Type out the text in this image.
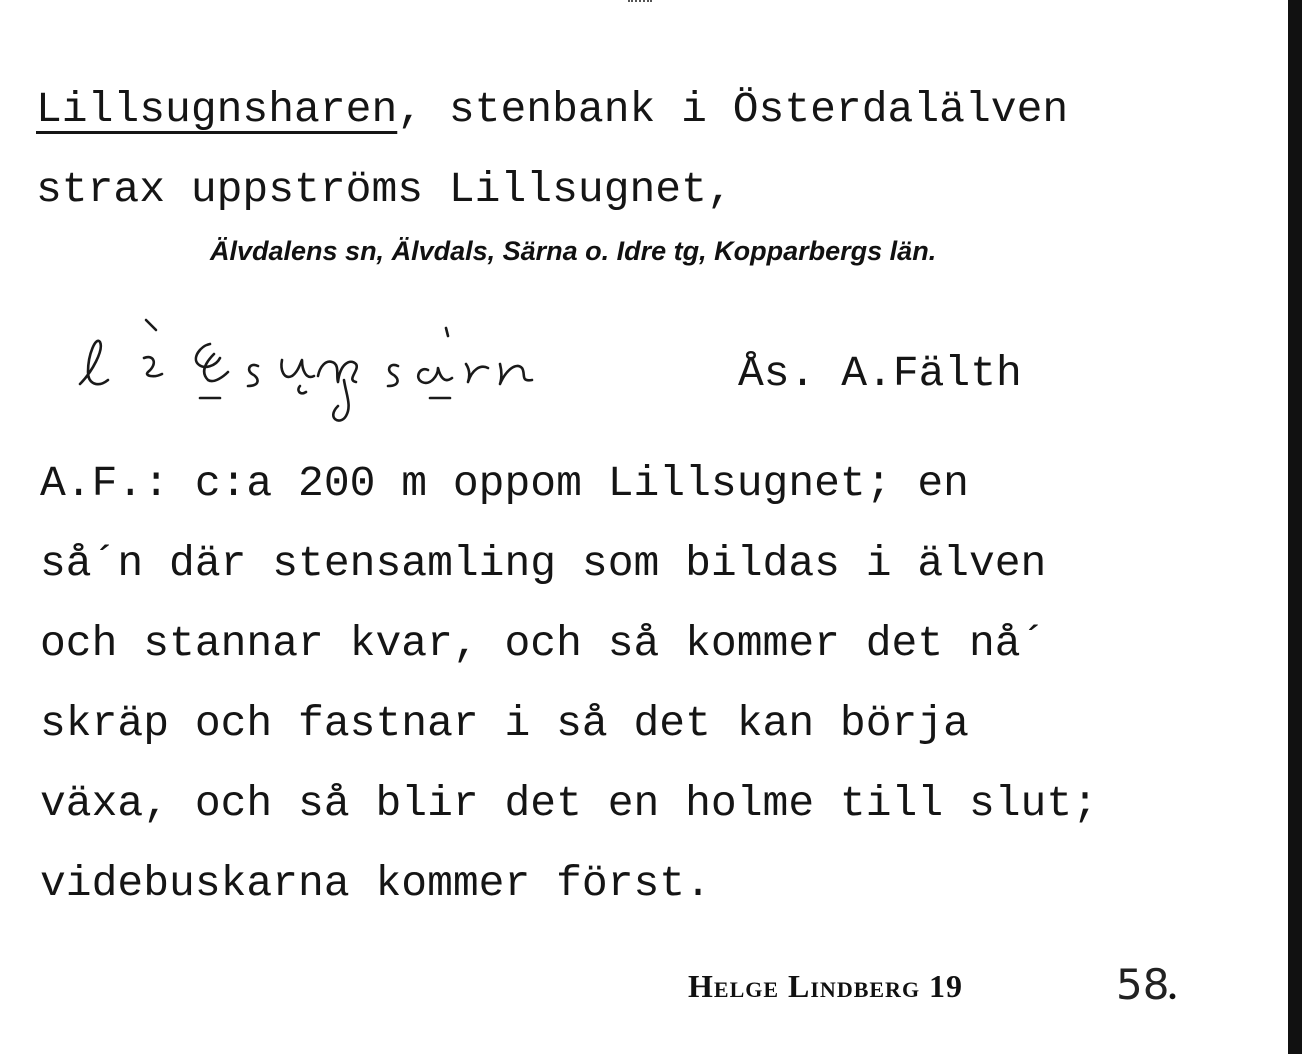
Lillsugnsharen, stenbank i Österdalälven
strax uppströms Lillsugnet,
Älvdalens sn, Älvdals, Särna o. Idre tg, Kopparbergs län.
Ås. A.Fälth
A.F.: c:a 200 m oppom Lillsugnet; en
så´n där stensamling som bildas i älven
och stannar kvar, och så kommer det nå´
skräp och fastnar i så det kan börja
växa, och så blir det en holme till slut;
videbuskarna kommer först.
Helge Lindberg 19	58
.
